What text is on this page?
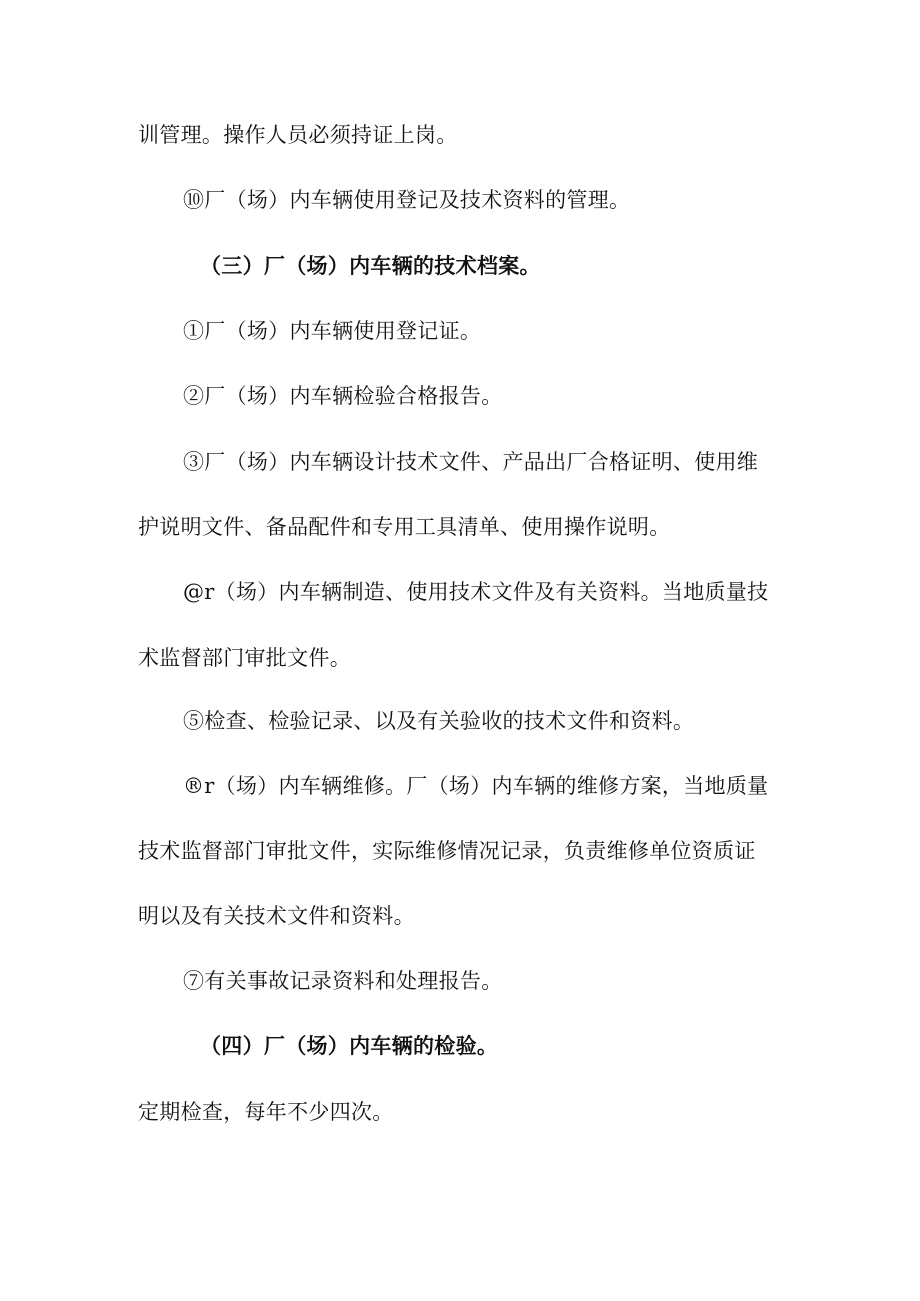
训管理。操作人员必须持证上岗。
⑩厂（场）内车辆使用登记及技术资料的管理。
（三）厂（场）内车辆的技术档案。
①厂（场）内车辆使用登记证。
②厂（场）内车辆检验合格报告。
③厂（场）内车辆设计技术文件、产品出厂合格证明、使用维
护说明文件、备品配件和专用工具清单、使用操作说明。
@r（场）内车辆制造、使用技术文件及有关资料。当地质量技
术监督部门审批文件。
⑤检查、检验记录、以及有关验收的技术文件和资料。
®r（场）内车辆维修。厂（场）内车辆的维修方案，当地质量
技术监督部门审批文件，实际维修情况记录，负责维修单位资质证
明以及有关技术文件和资料。
⑦有关事故记录资料和处理报告。
（四）厂（场）内车辆的检验。
定期检查，每年不少四次。
